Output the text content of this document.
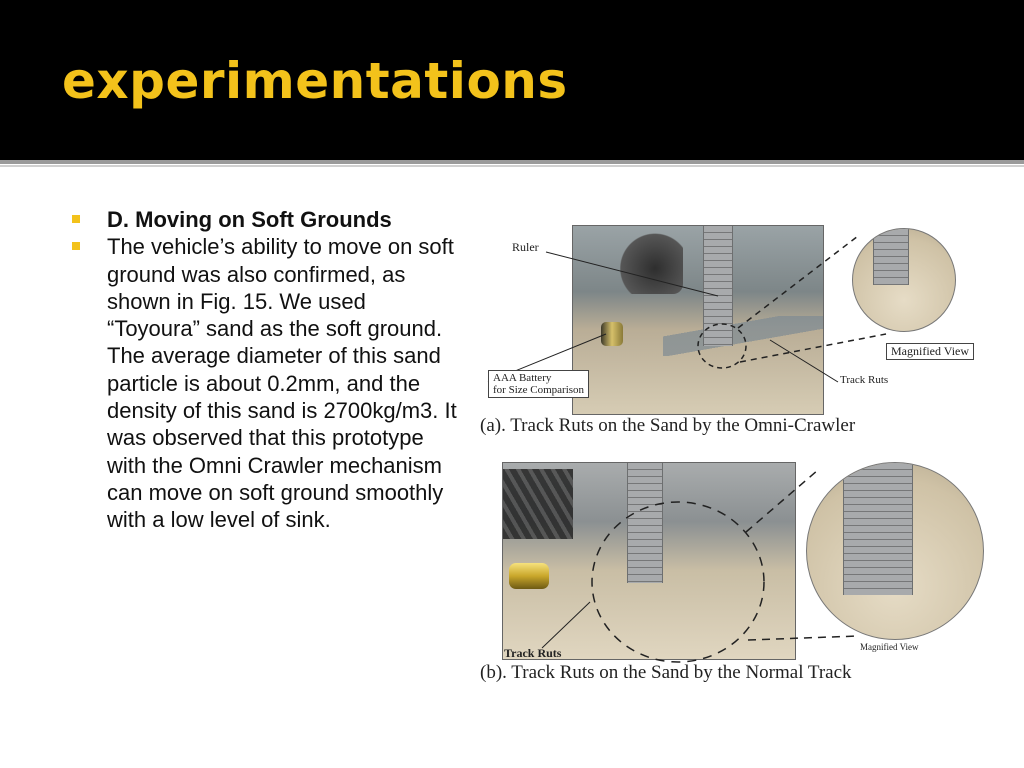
experimentations
D. Moving on Soft Grounds
The vehicle’s ability to move on soft ground was also confirmed, as shown in Fig. 15. We used “Toyoura” sand as the soft ground. The average diameter of this sand particle is about 0.2mm, and the density of this sand is 2700kg/m3. It was observed that this prototype with the Omni Crawler mechanism can move on soft ground smoothly with a low level of sink.
Ruler
AAA Battery
for Size Comparison
Magnified View
Track Ruts
(a). Track Ruts on the Sand by the Omni-Crawler
Track Ruts	Magnified View
(b). Track Ruts on the Sand by the Normal Track
